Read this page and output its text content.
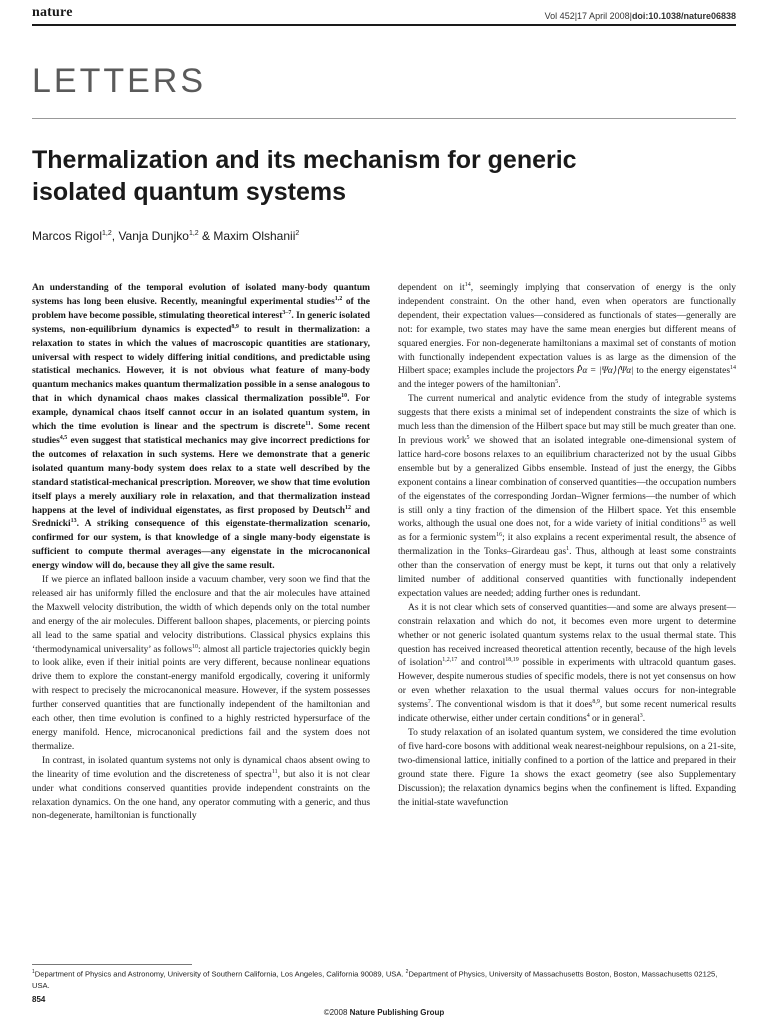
nature	Vol 452|17 April 2008|doi:10.1038/nature06838
LETTERS
Thermalization and its mechanism for generic isolated quantum systems
Marcos Rigol$^{1,2}$, Vanja Dunjko$^{1,2}$ & Maxim Olshanii$^2$

An understanding of the temporal evolution of isolated many-body quantum systems has long been elusive. Recently, meaningful experimental studies$^{1,2}$ of the problem have become possible, stimulating theoretical interest$^{3-7}$. In generic isolated systems, non-equilibrium dynamics is expected$^{8,9}$ to result in thermalization: a relaxation to states in which the values of macroscopic quantities are stationary, universal with respect to widely differing initial conditions, and predictable using statistical mechanics. However, it is not obvious what feature of many-body quantum mechanics makes quantum thermalization possible in a sense analogous to that in which dynamical chaos makes classical thermalization possible$^{10}$. For example, dynamical chaos itself cannot occur in an isolated quantum system, in which the time evolution is linear and the spectrum is discrete$^{11}$. Some recent studies$^{4,5}$ even suggest that statistical mechanics may give incorrect predictions for the outcomes of relaxation in such systems. Here we demonstrate that a generic isolated quantum many-body system does relax to a state well described by the standard statistical-mechanical prescription. Moreover, we show that time evolution itself plays a merely auxiliary role in relaxation, and that thermalization instead happens at the level of individual eigenstates, as first proposed by Deutsch$^{12}$ and Srednicki$^{13}$. A striking consequence of this eigenstate-thermalization scenario, confirmed for our system, is that knowledge of a single many-body eigenstate is sufficient to compute thermal averages—any eigenstate in the microcanonical energy window will do, because they all give the same result.

If we pierce an inflated balloon inside a vacuum chamber, very soon we find that the released air has uniformly filled the enclosure and that the air molecules have attained the Maxwell velocity distribution, the width of which depends only on the total number and energy of the air molecules. Different balloon shapes, placements, or piercing points all lead to the same spatial and velocity distributions. Classical physics explains this ‘thermodynamical universality’ as follows$^{10}$: almost all particle trajectories quickly begin to look alike, even if their initial points are very different, because nonlinear equations drive them to explore the constant-energy manifold ergodically, covering it uniformly with respect to precisely the microcanonical measure. However, if the system possesses further conserved quantities that are functionally independent of the hamiltonian and each other, then time evolution is confined to a highly restricted hypersurface of the energy manifold. Hence, microcanonical predictions fail and the system does not thermalize.

In contrast, in isolated quantum systems not only is dynamical chaos absent owing to the linearity of time evolution and the discreteness of spectra$^{11}$, but also it is not clear under what conditions conserved quantities provide independent constraints on the relaxation dynamics. On the one hand, any operator commuting with a generic, and thus non-degenerate, hamiltonian is functionally

dependent on $it^{14}$, seemingly implying that conservation of energy is the only independent constraint. On the other hand, even when operators are functionally dependent, their expectation values—considered as functionals of states—generally are not: for example, two states may have the same mean energies but different means of squared energies. For non-degenerate hamiltonians a maximal set of constants of motion with functionally independent expectation values is as large as the dimension of the Hilbert space; examples include the projectors P̂α = |Ψα⟩⟨Ψα| to the energy eigenstates$^{14}$ and the integer powers of the hamiltonian$^5$.

The current numerical and analytic evidence from the study of integrable systems suggests that there exists a minimal set of independent constraints the size of which is much less than the dimension of the Hilbert space but may still be much greater than one. In previous work$^5$ we showed that an isolated integrable one-dimensional system of lattice hard-core bosons relaxes to an equilibrium characterized not by the usual Gibbs ensemble but by a generalized Gibbs ensemble. Instead of just the energy, the Gibbs exponent contains a linear combination of conserved quantities—the occupation numbers of the eigenstates of the corresponding Jordan–Wigner fermions—the number of which is still only a tiny fraction of the dimension of the Hilbert space. Yet this ensemble works, although the usual one does not, for a wide variety of initial conditions$^{15}$ as well as for a fermionic system$^{16}$; it also explains a recent experimental result, the absence of thermalization in the Tonks–Girardeau gas$^1$. Thus, although at least some constraints other than the conservation of energy must be kept, it turns out that only a relatively limited number of additional conserved quantities with functionally independent expectation values are needed; adding further ones is redundant.

As it is not clear which sets of conserved quantities—and some are always present—constrain relaxation and which do not, it becomes even more urgent to determine whether or not generic isolated quantum systems relax to the usual thermal state. This question has received increased theoretical attention recently, because of the high levels of isolation$^{1,2,17}$ and control$^{18,19}$ possible in experiments with ultracold quantum gases. However, despite numerous studies of specific models, there is not yet consensus on how or even whether relaxation to the usual thermal values occurs for non-integrable systems$^7$. The conventional wisdom is that it does$^{8,9}$, but some recent numerical results indicate otherwise, either under certain conditions$^4$ or in general$^3$.

To study relaxation of an isolated quantum system, we considered the time evolution of five hard-core bosons with additional weak nearest-neighbour repulsions, on a 21-site, two-dimensional lattice, initially confined to a portion of the lattice and prepared in their ground state there. Figure 1a shows the exact geometry (see also Supplementary Discussion); the relaxation dynamics begins when the confinement is lifted. Expanding the initial-state wavefunction

$^1$Department of Physics and Astronomy, University of Southern California, Los Angeles, California 90089, USA. $^2$Department of Physics, University of Massachusetts Boston, Boston, Massachusetts 02125, USA.
854
©2008 Nature Publishing Group
